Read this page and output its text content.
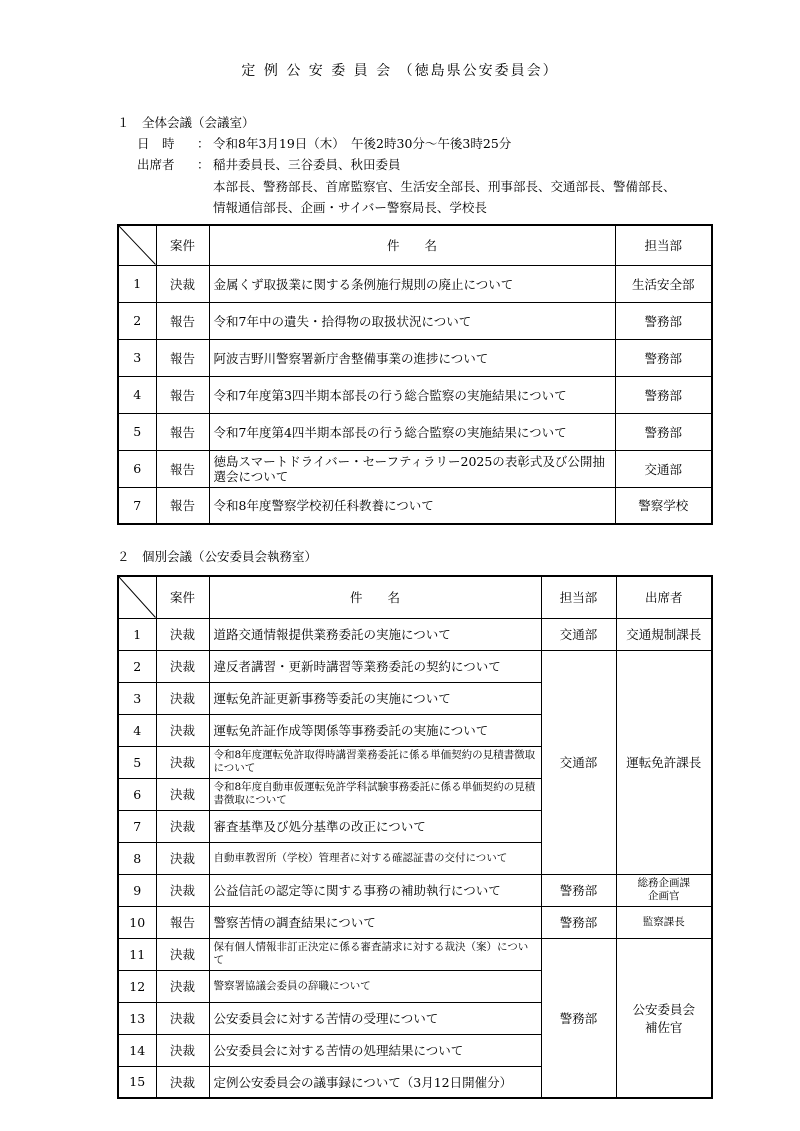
定 例 公 安 委 員 会 （徳島県公安委員会）
１　全体会議（会議室）
日　時 ： 令和8年3月19日（木）　午後2時30分～午後3時25分
出席者 ： 稲井委員長、三谷委員、秋田委員
本部長、警務部長、首席監察官、生活安全部長、刑事部長、交通部長、警備部長、
情報通信部長、企画・サイバー警察局長、学校長
	案件	件　　名	担当部
1	決裁	金属くず取扱業に関する条例施行規則の廃止について	生活安全部
2	報告	令和7年中の遺失・拾得物の取扱状況について	警務部
3	報告	阿波吉野川警察署新庁舎整備事業の進捗について	警務部
4	報告	令和7年度第3四半期本部長の行う総合監察の実施結果について	警務部
5	報告	令和7年度第4四半期本部長の行う総合監察の実施結果について	警務部
6	報告	徳島スマートドライバー・セーフティラリー2025の表彰式及び公開抽選会について	交通部
7	報告	令和8年度警察学校初任科教養について	警察学校
２　個別会議（公安委員会執務室）
	案件	件　　名	担当部	出席者
1	決裁	道路交通情報提供業務委託の実施について	交通部	交通規制課長
2	決裁	違反者講習・更新時講習等業務委託の契約について	交通部	運転免許課長
3	決裁	運転免許証更新事務等委託の実施について		
4	決裁	運転免許証作成等関係等事務委託の実施について		
5	決裁	令和8年度運転免許取得時講習業務委託に係る単価契約の見積書徴取について		
6	決裁	令和8年度自動車仮運転免許学科試験事務委託に係る単価契約の見積書徴取について		
7	決裁	審査基準及び処分基準の改正について		
8	決裁	自動車教習所（学校）管理者に対する確認証書の交付について		
9	決裁	公益信託の認定等に関する事務の補助執行について	警務部	総務企画課
企画官

10	報告	警察苦情の調査結果について	警務部	監察課長
11	決裁	保有個人情報非訂正決定に係る審査請求に対する裁決（案）について	警務部	公安委員会
補佐官

12	決裁	警察署協議会委員の辞職について		
13	決裁	公安委員会に対する苦情の受理について		
14	決裁	公安委員会に対する苦情の処理結果について		
15	決裁	定例公安委員会の議事録について（3月12日開催分）		
